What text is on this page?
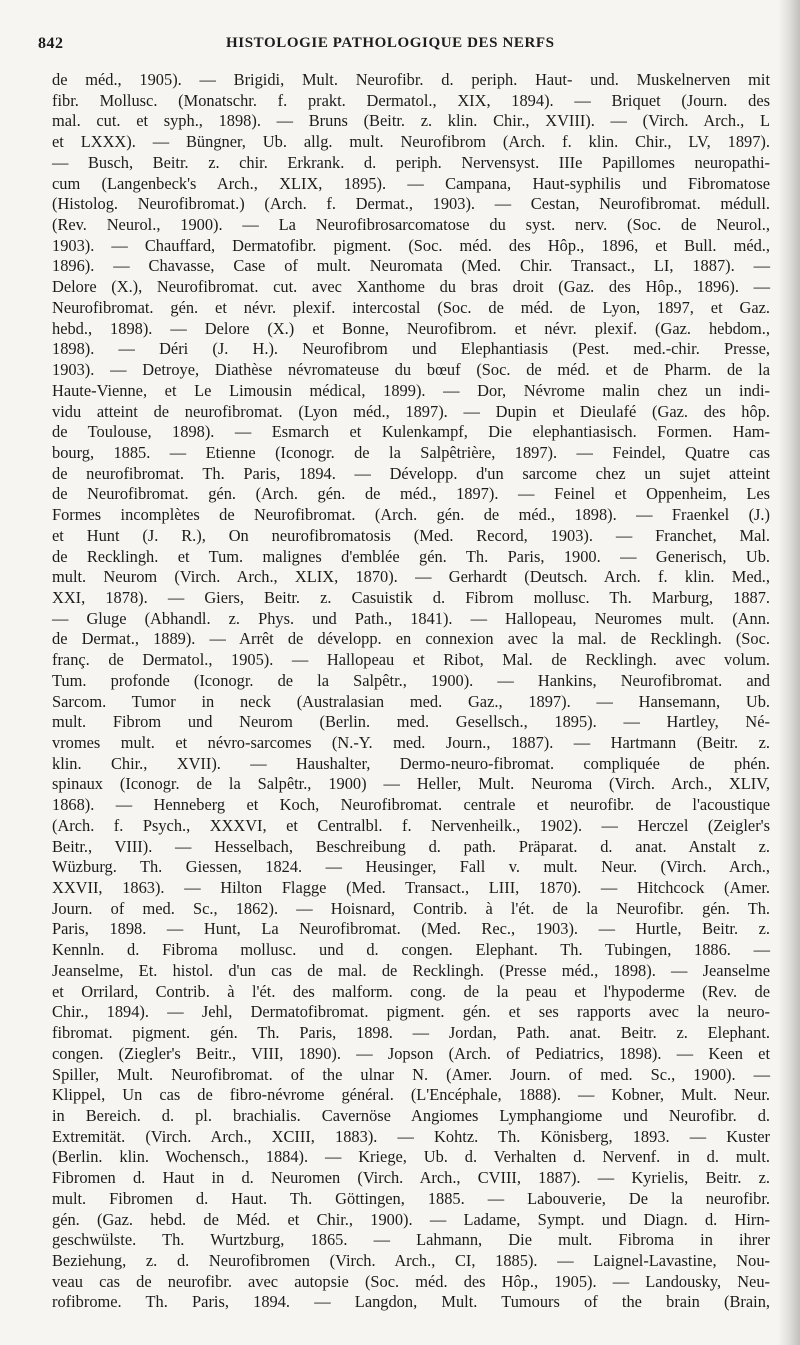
842	HISTOLOGIE PATHOLOGIQUE DES NERFS
de méd., 1905). — Brigidi, Mult. Neurofibr. d. periph. Haut- und. Muskelnerven mit
fibr. Mollusc. (Monatschr. f. prakt. Dermatol., XIX, 1894). — Briquet (Journ. des
mal. cut. et syph., 1898). — Bruns (Beitr. z. klin. Chir., XVIII). — (Virch. Arch., L
et LXXX). — Büngner, Ub. allg. mult. Neurofibrom (Arch. f. klin. Chir., LV, 1897).
— Busch, Beitr. z. chir. Erkrank. d. periph. Nervensyst. IIIe Papillomes neuropathi-
cum (Langenbeck's Arch., XLIX, 1895). — Campana, Haut-syphilis und Fibromatose
(Histolog. Neurofibromat.) (Arch. f. Dermat., 1903). — Cestan, Neurofibromat. médull.
(Rev. Neurol., 1900). — La Neurofibrosarcomatose du syst. nerv. (Soc. de Neurol.,
1903). — Chauffard, Dermatofibr. pigment. (Soc. méd. des Hôp., 1896, et Bull. méd.,
1896). — Chavasse, Case of mult. Neuromata (Med. Chir. Transact., LI, 1887). —
Delore (X.), Neurofibromat. cut. avec Xanthome du bras droit (Gaz. des Hôp., 1896). —
Neurofibromat. gén. et névr. plexif. intercostal (Soc. de méd. de Lyon, 1897, et Gaz.
hebd., 1898). — Delore (X.) et Bonne, Neurofibrom. et névr. plexif. (Gaz. hebdom.,
1898). — Déri (J. H.). Neurofibrom und Elephantiasis (Pest. med.-chir. Presse,
1903). — Detroye, Diathèse névromateuse du bœuf (Soc. de méd. et de Pharm. de la
Haute-Vienne, et Le Limousin médical, 1899). — Dor, Névrome malin chez un indi-
vidu atteint de neurofibromat. (Lyon méd., 1897). — Dupin et Dieulafé (Gaz. des hôp.
de Toulouse, 1898). — Esmarch et Kulenkampf, Die elephantiasisch. Formen. Ham-
bourg, 1885. — Etienne (Iconogr. de la Salpêtrière, 1897). — Feindel, Quatre cas
de neurofibromat. Th. Paris, 1894. — Développ. d'un sarcome chez un sujet atteint
de Neurofibromat. gén. (Arch. gén. de méd., 1897). — Feinel et Oppenheim, Les
Formes incomplètes de Neurofibromat. (Arch. gén. de méd., 1898). — Fraenkel (J.)
et Hunt (J. R.), On neurofibromatosis (Med. Record, 1903). — Franchet, Mal.
de Recklingh. et Tum. malignes d'emblée gén. Th. Paris, 1900. — Generisch, Ub.
mult. Neurom (Virch. Arch., XLIX, 1870). — Gerhardt (Deutsch. Arch. f. klin. Med.,
XXI, 1878). — Giers, Beitr. z. Casuistik d. Fibrom mollusc. Th. Marburg, 1887.
— Gluge (Abhandl. z. Phys. und Path., 1841). — Hallopeau, Neuromes mult. (Ann.
de Dermat., 1889). — Arrêt de développ. en connexion avec la mal. de Recklingh. (Soc.
franç. de Dermatol., 1905). — Hallopeau et Ribot, Mal. de Recklingh. avec volum.
Tum. profonde (Iconogr. de la Salpêtr., 1900). — Hankins, Neurofibromat. and
Sarcom. Tumor in neck (Australasian med. Gaz., 1897). — Hansemann, Ub.
mult. Fibrom und Neurom (Berlin. med. Gesellsch., 1895). — Hartley, Né-
vromes mult. et névro-sarcomes (N.-Y. med. Journ., 1887). — Hartmann (Beitr. z.
klin. Chir., XVII). — Haushalter, Dermo-neuro-fibromat. compliquée de phén.
spinaux (Iconogr. de la Salpêtr., 1900) — Heller, Mult. Neuroma (Virch. Arch., XLIV,
1868). — Henneberg et Koch, Neurofibromat. centrale et neurofibr. de l'acoustique
(Arch. f. Psych., XXXVI, et Centralbl. f. Nervenheilk., 1902). — Herczel (Zeigler's
Beitr., VIII). — Hesselbach, Beschreibung d. path. Präparat. d. anat. Anstalt z.
Wüzburg. Th. Giessen, 1824. — Heusinger, Fall v. mult. Neur. (Virch. Arch.,
XXVII, 1863). — Hilton Flagge (Med. Transact., LIII, 1870). — Hitchcock (Amer.
Journ. of med. Sc., 1862). — Hoisnard, Contrib. à l'ét. de la Neurofibr. gén. Th.
Paris, 1898. — Hunt, La Neurofibromat. (Med. Rec., 1903). — Hurtle, Beitr. z.
Kennln. d. Fibroma mollusc. und d. congen. Elephant. Th. Tubingen, 1886. —
Jeanselme, Et. histol. d'un cas de mal. de Recklingh. (Presse méd., 1898). — Jeanselme
et Orrilard, Contrib. à l'ét. des malform. cong. de la peau et l'hypoderme (Rev. de
Chir., 1894). — Jehl, Dermatofibromat. pigment. gén. et ses rapports avec la neuro-
fibromat. pigment. gén. Th. Paris, 1898. — Jordan, Path. anat. Beitr. z. Elephant.
congen. (Ziegler's Beitr., VIII, 1890). — Jopson (Arch. of Pediatrics, 1898). — Keen et
Spiller, Mult. Neurofibromat. of the ulnar N. (Amer. Journ. of med. Sc., 1900). —
Klippel, Un cas de fibro-névrome général. (L'Encéphale, 1888). — Kobner, Mult. Neur.
in Bereich. d. pl. brachialis. Cavernöse Angiomes Lymphangiome und Neurofibr. d.
Extremität. (Virch. Arch., XCIII, 1883). — Kohtz. Th. Könisberg, 1893. — Kuster
(Berlin. klin. Wochensch., 1884). — Kriege, Ub. d. Verhalten d. Nervenf. in d. mult.
Fibromen d. Haut in d. Neuromen (Virch. Arch., CVIII, 1887). — Kyrielis, Beitr. z.
mult. Fibromen d. Haut. Th. Göttingen, 1885. — Labouverie, De la neurofibr.
gén. (Gaz. hebd. de Méd. et Chir., 1900). — Ladame, Sympt. und Diagn. d. Hirn-
geschwülste. Th. Wurtzburg, 1865. — Lahmann, Die mult. Fibroma in ihrer
Beziehung, z. d. Neurofibromen (Virch. Arch., CI, 1885). — Laignel-Lavastine, Nou-
veau cas de neurofibr. avec autopsie (Soc. méd. des Hôp., 1905). — Landousky, Neu-
rofibrome. Th. Paris, 1894. — Langdon, Mult. Tumours of the brain (Brain,
